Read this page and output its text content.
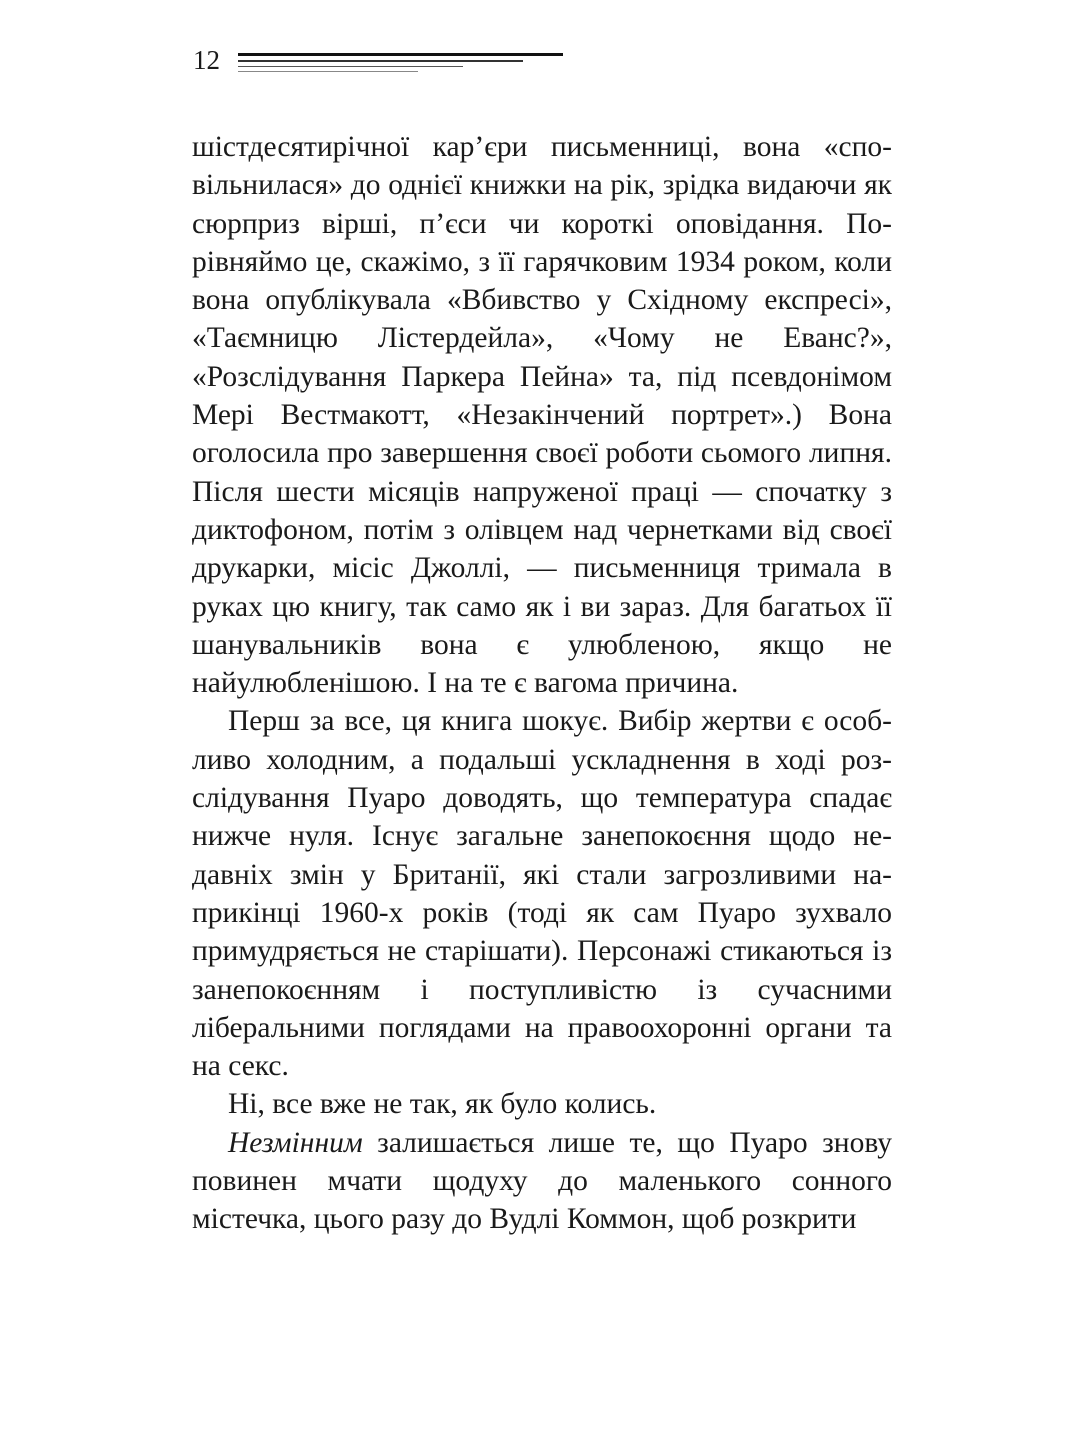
12

шістдесятирічної кар’єри письменниці, вона «сповільнилася» до однієї книжки на рік, зрідка видаючи як сюрприз вірші, п’єси чи короткі оповідання. Порівняймо це, скажімо, з її гарячковим 1934 роком, коли вона опублікувала «Вбивство у Східному експресі», «Таємницю Лістердейла», «Чому не Еванс?», «Розслідування Паркера Пейна» та, під псевдонімом Мері Вестмакотт, «Незакінчений портрет».) Вона оголосила про завершення своєї роботи сьомого липня. Після шести місяців напруженої праці — спочатку з диктофоном, потім з олівцем над чернетками від своєї друкарки, місіс Джоллі, — письменниця тримала в руках цю книгу, так само як і ви зараз. Для багатьох її шанувальників вона є улюбленою, якщо не найулюбленішою. І на те є вагома причина.

Перш за все, ця книга шокує. Вибір жертви є особливо холодним, а подальші ускладнення в ході розслідування Пуаро доводять, що температура спадає нижче нуля. Існує загальне занепокоєння щодо недавніх змін у Британії, які стали загрозливими наприкінці 1960-х років (тоді як сам Пуаро зухвало примудряється не старішати). Персонажі стикаються із занепокоєнням і поступливістю із сучасними ліберальними поглядами на правоохоронні органи та на секс.

Ні, все вже не так, як було колись.

Незмінним залишається лише те, що Пуаро знову повинен мчати щодуху до маленького сонного містечка, цього разу до Вудлі Коммон, щоб розкрити
